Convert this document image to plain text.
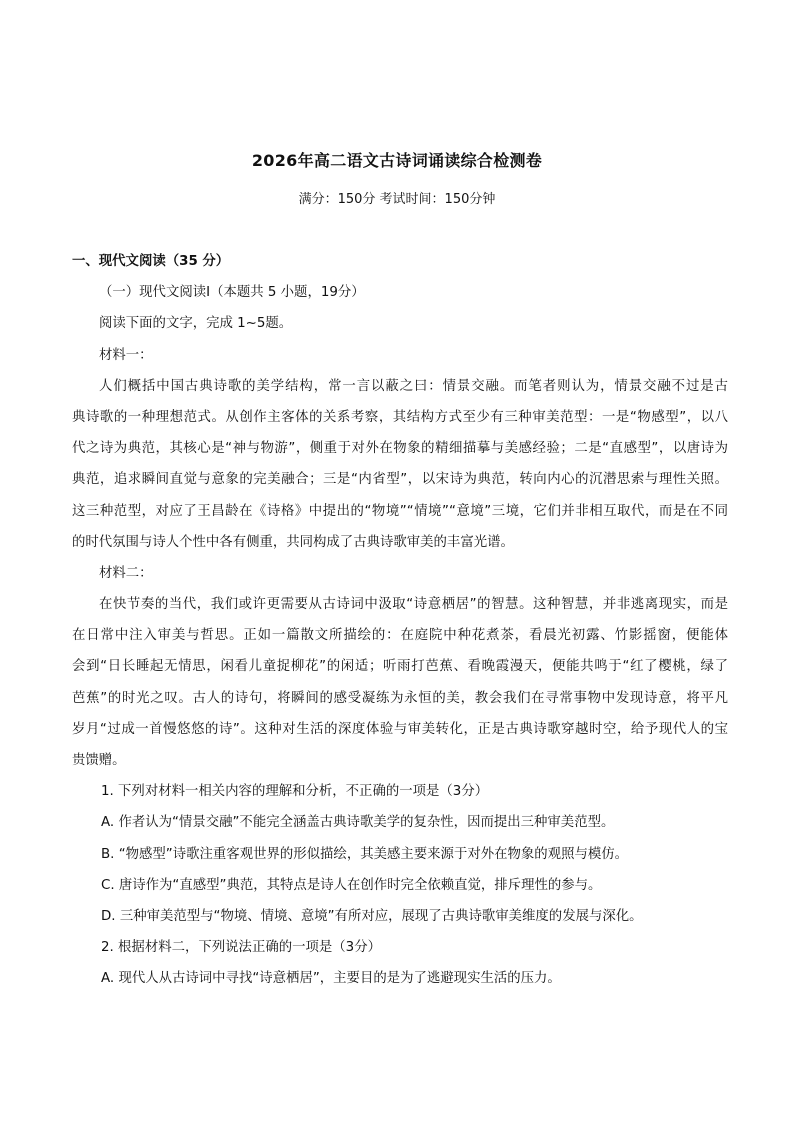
2026年高二语文古诗词诵读综合检测卷
满分：150分 考试时间：150分钟
一、现代文阅读（35 分）
（一）现代文阅读Ⅰ（本题共 5 小题，19分）
阅读下面的文字，完成 1~5题。
材料一：
人们概括中国古典诗歌的美学结构，常一言以蔽之曰：情景交融。而笔者则认为，情景交融不过是古
典诗歌的一种理想范式。从创作主客体的关系考察，其结构方式至少有三种审美范型：一是“物感型”，以八
代之诗为典范，其核心是“神与物游”，侧重于对外在物象的精细描摹与美感经验；二是“直感型”，以唐诗为
典范，追求瞬间直觉与意象的完美融合；三是“内省型”，以宋诗为典范，转向内心的沉潜思索与理性关照。
这三种范型，对应了王昌龄在《诗格》中提出的“物境”“情境”“意境”三境，它们并非相互取代，而是在不同
的时代氛围与诗人个性中各有侧重，共同构成了古典诗歌审美的丰富光谱。
材料二：
在快节奏的当代，我们或许更需要从古诗词中汲取“诗意栖居”的智慧。这种智慧，并非逃离现实，而是
在日常中注入审美与哲思。正如一篇散文所描绘的：在庭院中种花煮茶，看晨光初露、竹影摇窗，便能体
会到“日长睡起无情思，闲看儿童捉柳花”的闲适；听雨打芭蕉、看晚霞漫天，便能共鸣于“红了樱桃，绿了
芭蕉”的时光之叹。古人的诗句，将瞬间的感受凝练为永恒的美，教会我们在寻常事物中发现诗意，将平凡
岁月“过成一首慢悠悠的诗”。这种对生活的深度体验与审美转化，正是古典诗歌穿越时空，给予现代人的宝
贵馈赠。
1. 下列对材料一相关内容的理解和分析，不正确的一项是（3分）
A. 作者认为“情景交融”不能完全涵盖古典诗歌美学的复杂性，因而提出三种审美范型。
B. “物感型”诗歌注重客观世界的形似描绘，其美感主要来源于对外在物象的观照与模仿。
C. 唐诗作为“直感型”典范，其特点是诗人在创作时完全依赖直觉，排斥理性的参与。
D. 三种审美范型与“物境、情境、意境”有所对应，展现了古典诗歌审美维度的发展与深化。
2. 根据材料二，下列说法正确的一项是（3分）
A. 现代人从古诗词中寻找“诗意栖居”，主要目的是为了逃避现实生活的压力。
